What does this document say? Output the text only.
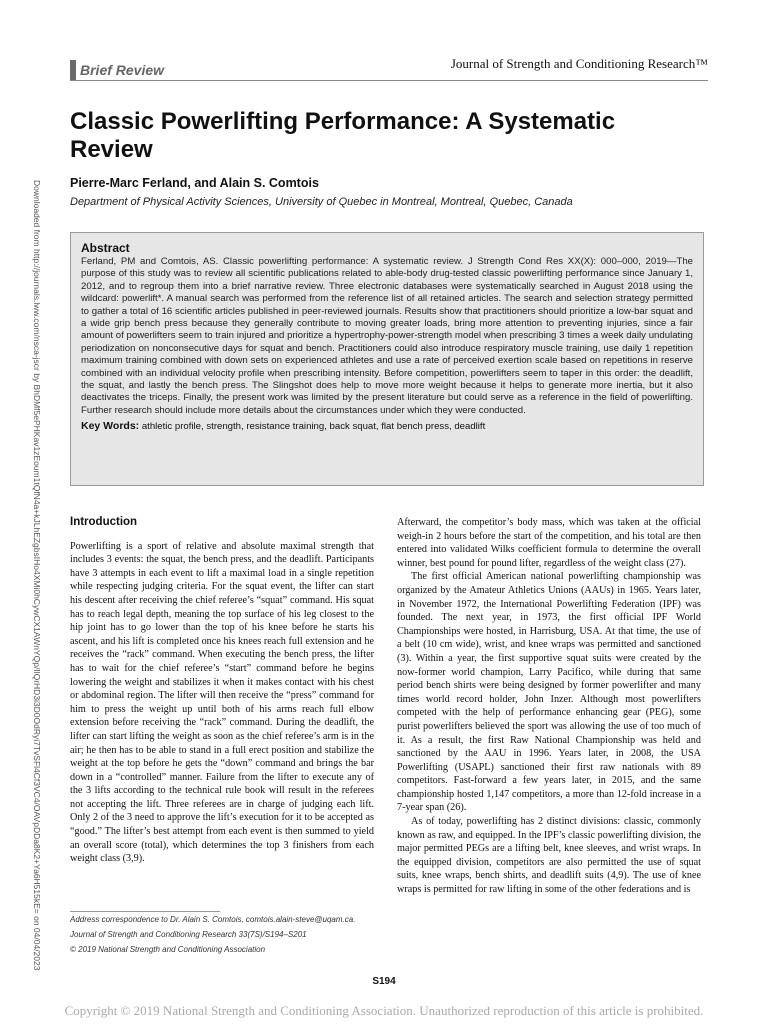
Brief Review	Journal of Strength and Conditioning Research™
Classic Powerlifting Performance: A Systematic Review
Pierre-Marc Ferland, and Alain S. Comtois
Department of Physical Activity Sciences, University of Quebec in Montreal, Montreal, Quebec, Canada
Downloaded from http://journals.lww.com/nsca-jscr by BhDMf5ePHKav1zEoum1tQfN4a+kJLhEZgbsIHo4XMi0hCywCX1AWnYQp/IlQrHD3i3D0OdRyi7TvSFl4Cf3VC4/OAVpDDa8K2+Ya6H515kE= on 04/04/2023	Abstract
Ferland, PM and Comtois, AS. Classic powerlifting performance: A systematic review. J Strength Cond Res XX(X): 000–000, 2019—The purpose of this study was to review all scientific publications related to able-body drug-tested classic powerlifting performance since January 1, 2012, and to regroup them into a brief narrative review. Three electronic databases were systematically searched in August 2018 using the wildcard: powerlift*. A manual search was performed from the reference list of all retained articles. The search and selection strategy permitted to gather a total of 16 scientific articles published in peer-reviewed journals. Results show that practitioners should prioritize a low-bar squat and a wide grip bench press because they generally contribute to moving greater loads, bring more attention to preventing injuries, since a fair amount of powerlifters seem to train injured and prioritize a hypertrophy-power-strength model when prescribing 3 times a week daily undulating periodization on nonconsecutive days for squat and bench. Practitioners could also introduce respiratory muscle training, use daily 1 repetition maximum training combined with down sets on experienced athletes and use a rate of perceived exertion scale based on repetitions in reserve combined with an individual velocity profile when prescribing intensity. Before competition, powerlifters seem to taper in this order: the deadlift, the squat, and lastly the bench press. The Slingshot does help to move more weight because it helps to generate more inertia, but it also deactivates the triceps. Finally, the present work was limited by the present literature but could serve as a reference in the field of powerlifting. Further research should include more details about the circumstances under which they were conducted.
Key Words: athletic profile, strength, resistance training, back squat, flat bench press, deadlift
Introduction

Powerlifting is a sport of relative and absolute maximal strength that includes 3 events: the squat, the bench press, and the deadlift. Participants have 3 attempts in each event to lift a maximal load in a single repetition while respecting judging criteria. For the squat event, the lifter can start his descent after receiving the chief referee’s “squat” command. His squat has to reach legal depth, meaning the top surface of his leg closest to the hip joint has to go lower than the top of his knee before he starts his ascent, and his lift is completed once his knees reach full extension and he receives the “rack” command. When executing the bench press, the lifter has to wait for the chief referee’s “start” command before he begins lowering the weight and stabilizes it when it makes contact with his chest or abdominal region. The lifter will then receive the “press” command for him to press the weight up until both of his arms reach full elbow extension before receiving the “rack” command. During the deadlift, the lifter can start lifting the weight as soon as the chief referee’s arm is in the air; he then has to be able to stand in a full erect position and stabilize the weight at the top before he gets the “down” command and brings the bar down in a “controlled” manner. Failure from the lifter to execute any of the 3 lifts according to the technical rule book will result in the referees not accepting the lift. Three referees are in charge of judging each lift. Only 2 of the 3 need to approve the lift’s execution for it to be accepted as “good.” The lifter’s best attempt from each event is then summed to yield an overall score (total), which determines the top 3 finishers from each weight class (3,9).

Afterward, the competitor’s body mass, which was taken at the official weigh-in 2 hours before the start of the competition, and his total are then entered into validated Wilks coefficient formula to determine the overall winner, best pound for pound lifter, regardless of the weight class (27).

The first official American national powerlifting championship was organized by the Amateur Athletics Unions (AAUs) in 1965. Years later, in November 1972, the International Powerlifting Federation (IPF) was founded. The next year, in 1973, the first official IPF World Championships were hosted, in Harrisburg, USA. At that time, the use of a belt (10 cm wide), wrist, and knee wraps was permitted and sanctioned (3). Within a year, the first supportive squat suits were created by the now-former world champion, Larry Pacifico, while during that same period bench shirts were being designed by former powerlifter and many times world record holder, John Inzer. Although most powerlifters competed with the help of performance enhancing gear (PEG), some purist powerlifters believed the sport was allowing the use of too much of it. As a result, the first Raw National Championship was held and sanctioned by the AAU in 1996. Years later, in 2008, the USA Powerlifting (USAPL) sanctioned their first raw nationals with 89 competitors. Fast-forward a few years later, in 2015, and the same championship hosted 1,147 competitors, a more than 12-fold increase in a 7-year span (26).

As of today, powerlifting has 2 distinct divisions: classic, commonly known as raw, and equipped. In the IPF’s classic powerlifting division, the major permitted PEGs are a lifting belt, knee sleeves, and wrist wraps. In the equipped division, competitors are also permitted the use of squat suits, knee wraps, bench shirts, and deadlift suits (4,9). The use of knee wraps is permitted for raw lifting in some of the other federations and is

Address correspondence to Dr. Alain S. Comtois, comtois.alain-steve@uqam.ca.
Journal of Strength and Conditioning Research 33(7S)/S194–S201
© 2019 National Strength and Conditioning Association
S194
Copyright © 2019 National Strength and Conditioning Association. Unauthorized reproduction of this article is prohibited.
